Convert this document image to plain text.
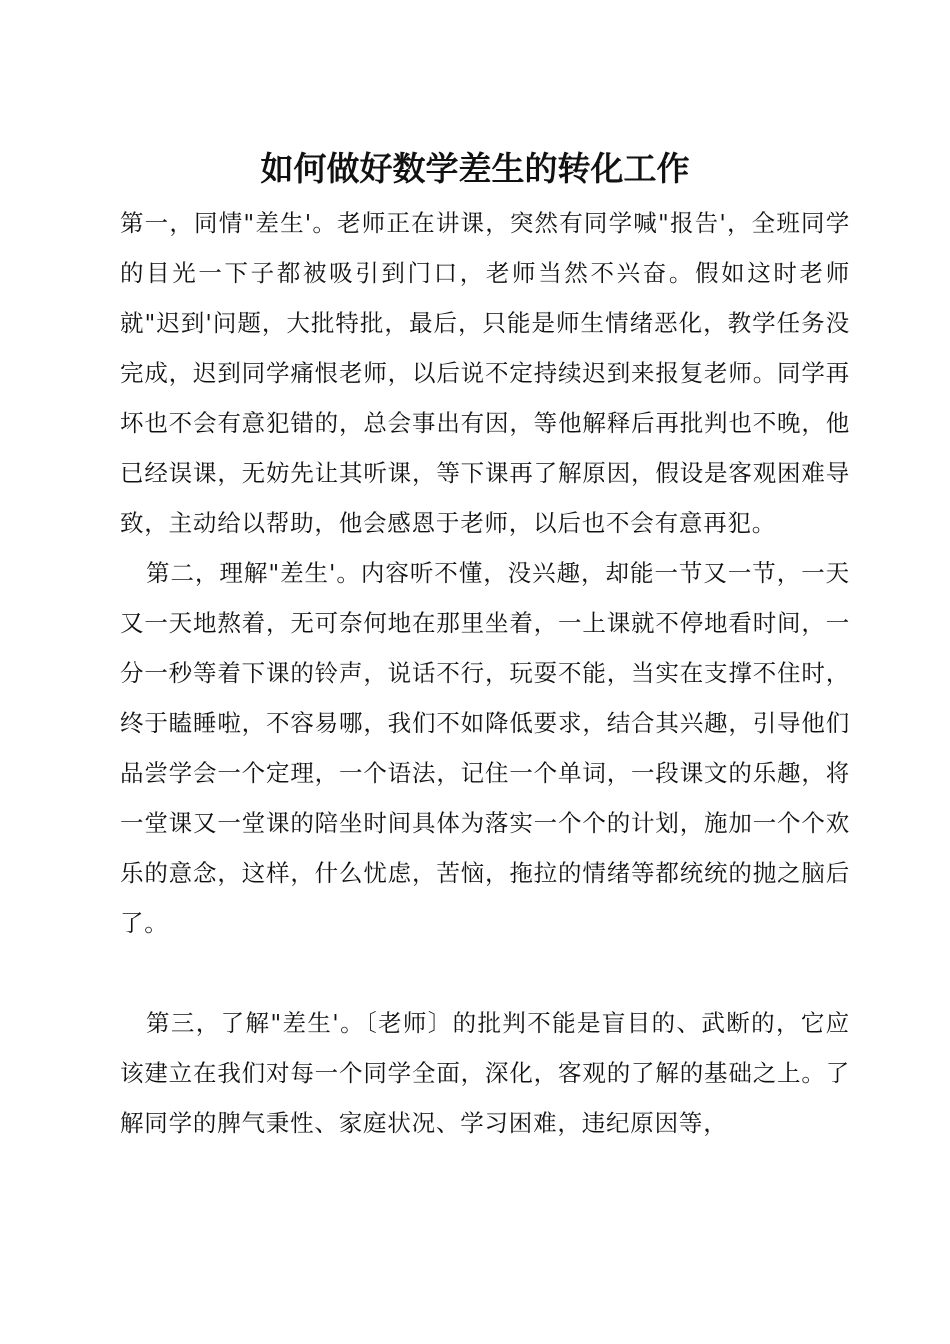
如何做好数学差生的转化工作

第一，同情"差生'。老师正在讲课，突然有同学喊"报告'，全班同学的目光一下子都被吸引到门口，老师当然不兴奋。假如这时老师就"迟到'问题，大批特批，最后，只能是师生情绪恶化，教学任务没完成，迟到同学痛恨老师，以后说不定持续迟到来报复老师。同学再坏也不会有意犯错的，总会事出有因，等他解释后再批判也不晚，他已经误课，无妨先让其听课，等下课再了解原因，假设是客观困难导致，主动给以帮助，他会感恩于老师，以后也不会有意再犯。

第二，理解"差生'。内容听不懂，没兴趣，却能一节又一节，一天又一天地熬着，无可奈何地在那里坐着，一上课就不停地看时间，一分一秒等着下课的铃声，说话不行，玩耍不能，当实在支撑不住时，终于瞌睡啦，不容易哪，我们不如降低要求，结合其兴趣，引导他们品尝学会一个定理，一个语法，记住一个单词，一段课文的乐趣，将一堂课又一堂课的陪坐时间具体为落实一个个的计划，施加一个个欢乐的意念，这样，什么忧虑，苦恼，拖拉的情绪等都统统的抛之脑后了。

第三，了解"差生'。〔老师〕的批判不能是盲目的、武断的，它应该建立在我们对每一个同学全面，深化，客观的了解的基础之上。了解同学的脾气秉性、家庭状况、学习困难，违纪原因等，
